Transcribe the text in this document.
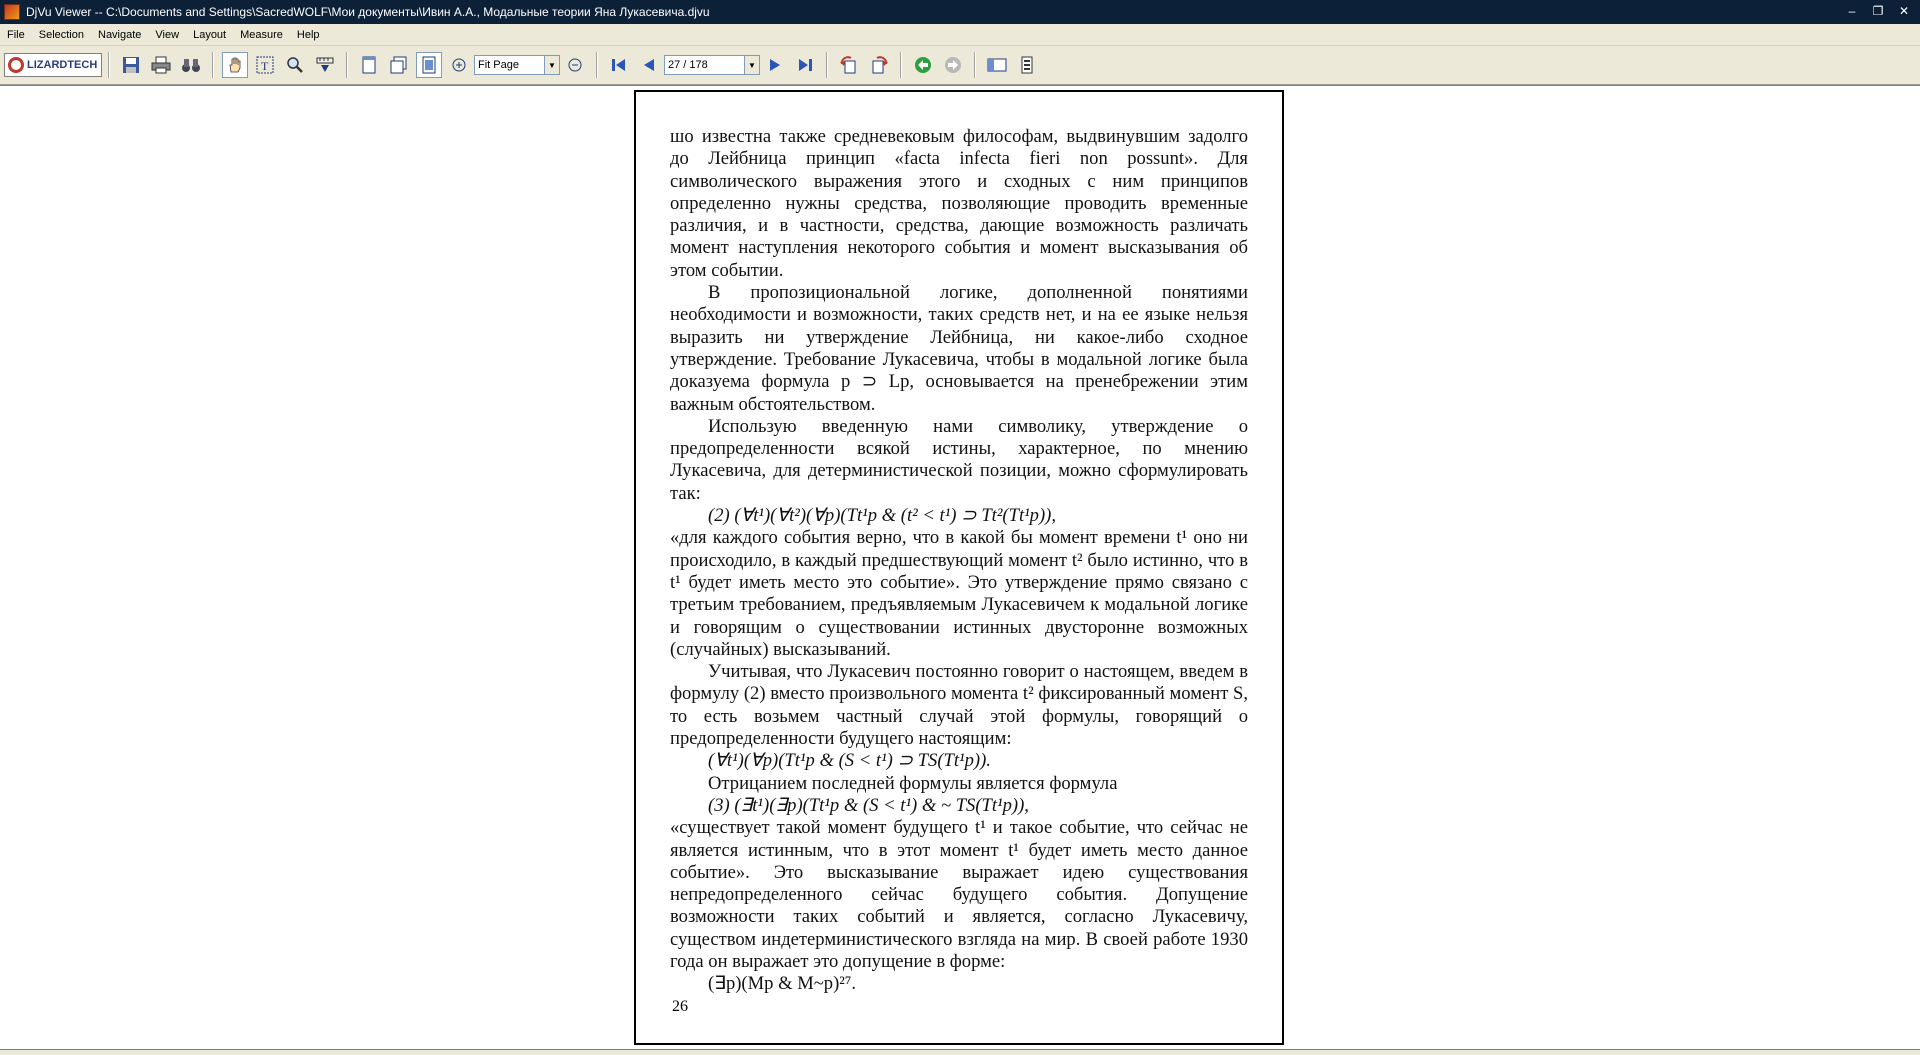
DjVu Viewer -- C:\Documents and Settings\SacredWOLF\Мои документы\Ивин А.А., Модальные теории Яна Лукасевича.djvu	–	❐	✕
File	Selection	Navigate	View	Layout	Measure	Help
LIZARDTECH	T	Fit Page	▼	27 / 178	▼

шо известна также средневековым философам, выдвинувшим задолго до Лейбница принцип «facta infecta fieri non possunt». Для символического выражения этого и сходных с ним принципов определенно нужны средства, позволяющие проводить временные различия, и в частности, средства, дающие возможность различать момент наступления некоторого события и момент высказывания об этом событии.

В пропозициональной логике, дополненной понятиями необходимости и возможности, таких средств нет, и на ее языке нельзя выразить ни утверждение Лейбница, ни какое-либо сходное утверждение. Требование Лукасевича, чтобы в модальной логике была доказуема формула p ⊃ Lp, основывается на пренебрежении этим важным обстоятельством.

Использую введенную нами символику, утверждение о предопределенности всякой истины, характерное, по мнению Лукасевича, для детерминистической позиции, можно сформулировать так:

(2) (∀t¹)(∀t²)(∀p)(Tt¹p & (t² < t¹) ⊃ Tt²(Tt¹p)),

«для каждого события верно, что в какой бы момент времени t¹ оно ни происходило, в каждый предшествующий момент t² было истинно, что в t¹ будет иметь место это событие». Это утверждение прямо связано с третьим требованием, предъявляемым Лукасевичем к модальной логике и говорящим о существовании истинных двусторонне возможных (случайных) высказываний.

Учитывая, что Лукасевич постоянно говорит о настоящем, введем в формулу (2) вместо произвольного момента t² фиксированный момент S, то есть возьмем частный случай этой формулы, говорящий о предопределенности будущего настоящим:

(∀t¹)(∀p)(Tt¹p & (S < t¹) ⊃ TS(Tt¹p)).

Отрицанием последней формулы является формула

(3) (∃t¹)(∃p)(Tt¹p & (S < t¹) & ~ TS(Tt¹p)),

«существует такой момент будущего t¹ и такое событие, что сейчас не является истинным, что в этот момент t¹ будет иметь место данное событие». Это высказывание выражает идею существования непредопределенного сейчас будущего события. Допущение возможности таких событий и является, согласно Лукасевичу, существом индетерминистического взгляда на мир. В своей работе 1930 года он выражает это допущение в форме:

(∃p)(Mp & M~p)²⁷.

26
